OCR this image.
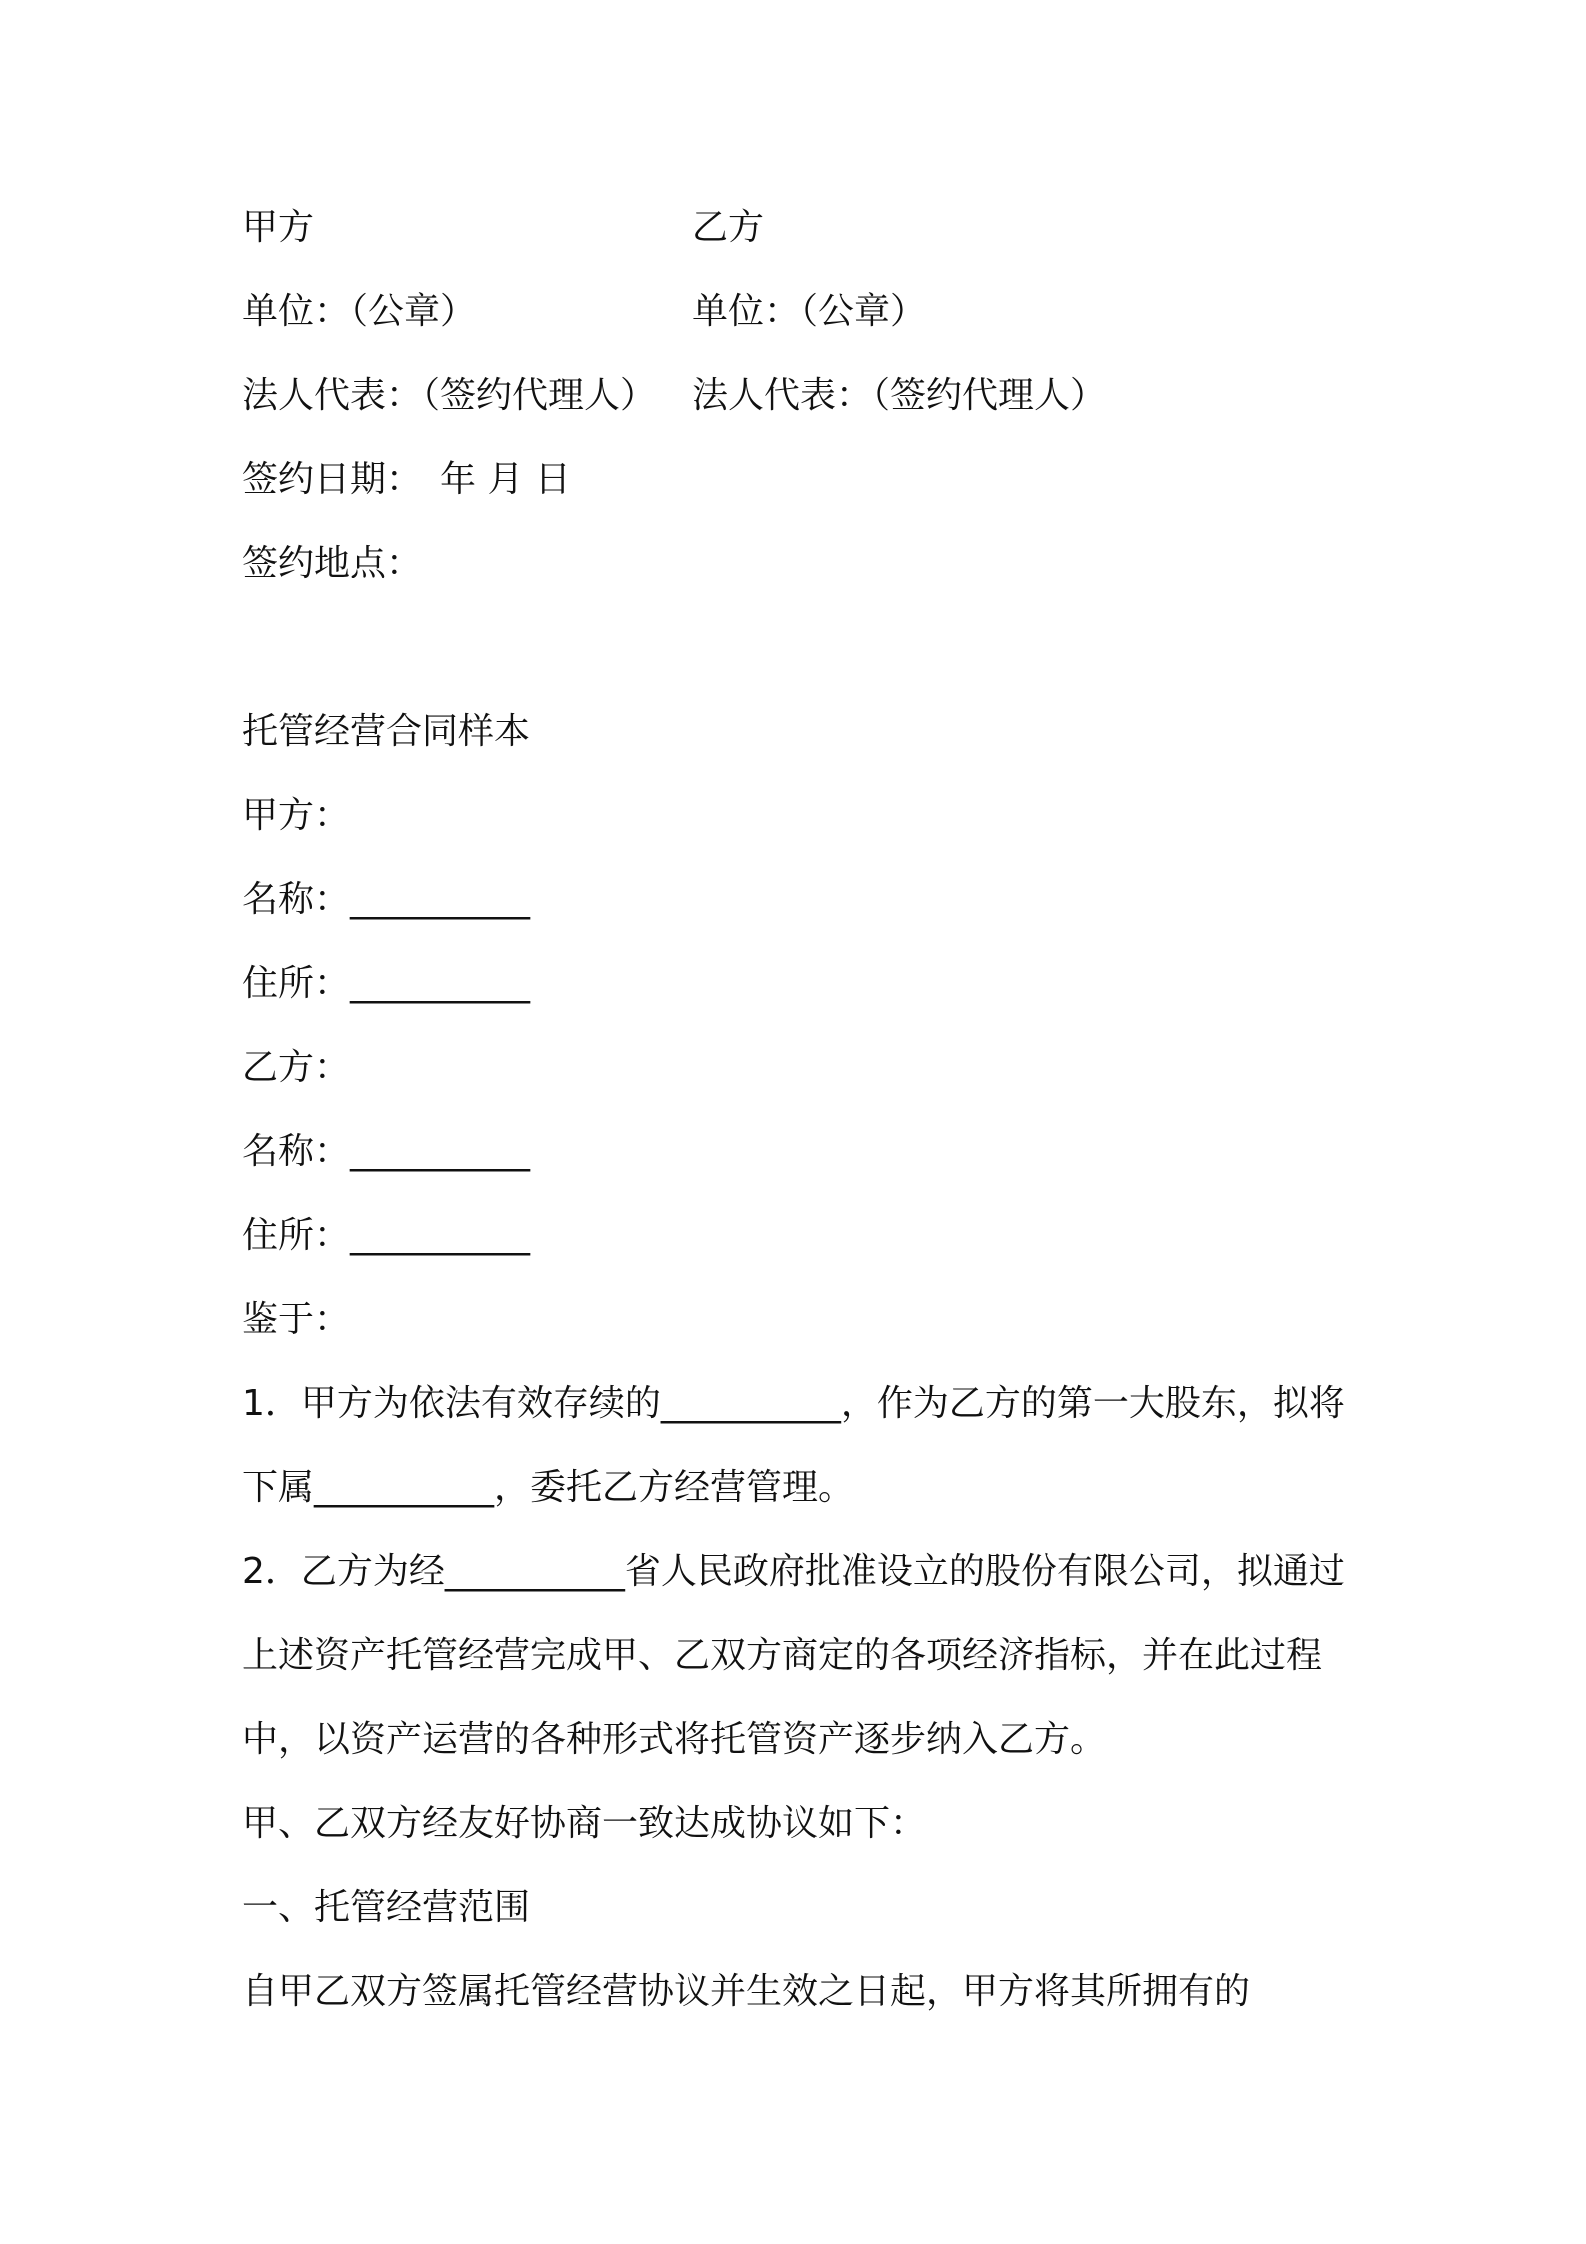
甲方	乙方
单位：（公章）	单位：（公章）
法人代表：（签约代理人） 法人代表：（签约代理人）
签约日期：　年 月 日
签约地点：
托管经营合同样本
甲方：
名称：__________
住所：__________
乙方：
名称：__________
住所：__________
鉴于：
1．甲方为依法有效存续的__________，作为乙方的第一大股东，拟将下属__________，委托乙方经营管理。
2．乙方为经__________省人民政府批准设立的股份有限公司，拟通过上述资产托管经营完成甲、乙双方商定的各项经济指标，并在此过程中，以资产运营的各种形式将托管资产逐步纳入乙方。
甲、乙双方经友好协商一致达成协议如下：
一、托管经营范围
自甲乙双方签属托管经营协议并生效之日起，甲方将其所拥有的
